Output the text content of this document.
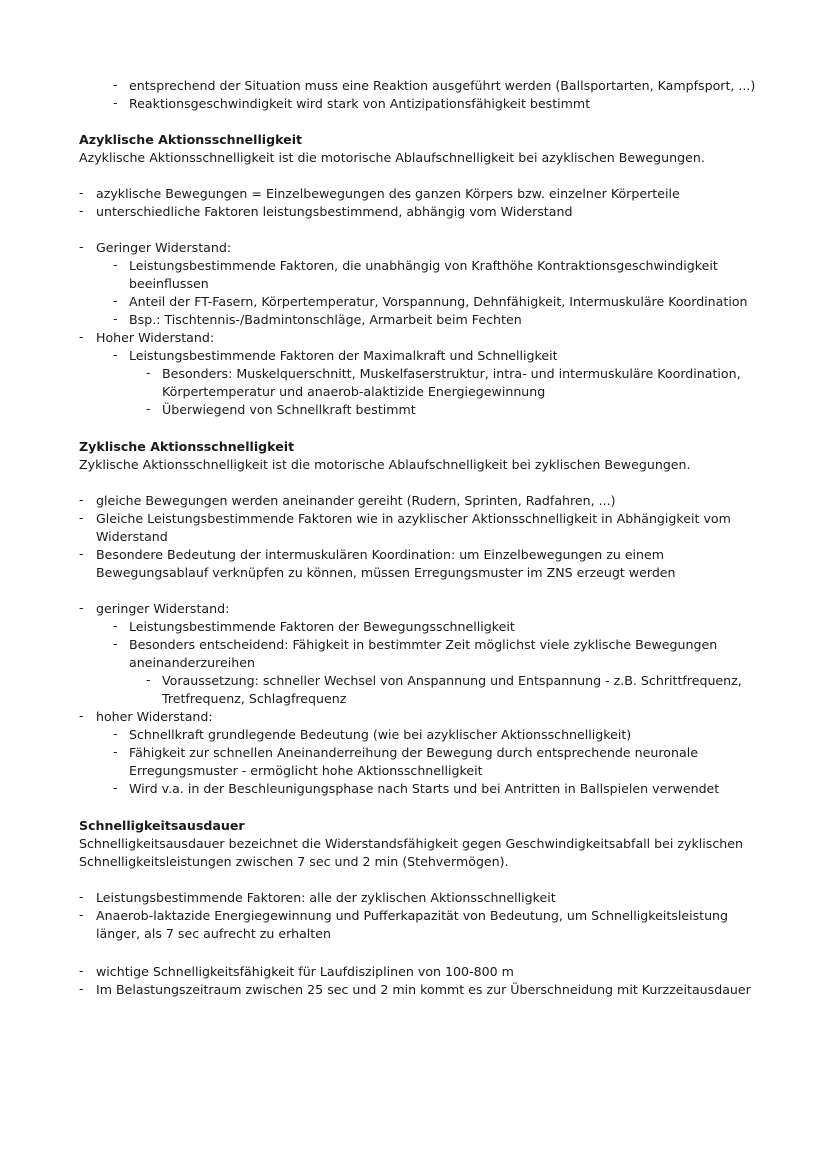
- entsprechend der Situation muss eine Reaktion ausgeführt werden (Ballsportarten, Kampfsport, ...)
- Reaktionsgeschwindigkeit wird stark von Antizipationsfähigkeit bestimmt
Azyklische Aktionsschnelligkeit
Azyklische Aktionsschnelligkeit ist die motorische Ablaufschnelligkeit bei azyklischen Bewegungen.
- azyklische Bewegungen = Einzelbewegungen des ganzen Körpers bzw. einzelner Körperteile
- unterschiedliche Faktoren leistungsbestimmend, abhängig vom Widerstand
- Geringer Widerstand:
- Leistungsbestimmende Faktoren, die unabhängig von Krafthöhe Kontraktionsgeschwindigkeit
beeinflussen
- Anteil der FT-Fasern, Körpertemperatur, Vorspannung, Dehnfähigkeit, Intermuskuläre Koordination
- Bsp.: Tischtennis-/Badmintonschläge, Armarbeit beim Fechten
- Hoher Widerstand:
- Leistungsbestimmende Faktoren der Maximalkraft und Schnelligkeit
- Besonders: Muskelquerschnitt, Muskelfaserstruktur, intra- und intermuskuläre Koordination,
Körpertemperatur und anaerob-alaktizide Energiegewinnung
- Überwiegend von Schnellkraft bestimmt
Zyklische Aktionsschnelligkeit
Zyklische Aktionsschnelligkeit ist die motorische Ablaufschnelligkeit bei zyklischen Bewegungen.
- gleiche Bewegungen werden aneinander gereiht (Rudern, Sprinten, Radfahren, ...)
- Gleiche Leistungsbestimmende Faktoren wie in azyklischer Aktionsschnelligkeit in Abhängigkeit vom
Widerstand
- Besondere Bedeutung der intermuskulären Koordination: um Einzelbewegungen zu einem
Bewegungsablauf verknüpfen zu können, müssen Erregungsmuster im ZNS erzeugt werden
- geringer Widerstand:
- Leistungsbestimmende Faktoren der Bewegungsschnelligkeit
- Besonders entscheidend: Fähigkeit in bestimmter Zeit möglichst viele zyklische Bewegungen
aneinanderzureihen
- Voraussetzung: schneller Wechsel von Anspannung und Entspannung - z.B. Schrittfrequenz,
Tretfrequenz, Schlagfrequenz
- hoher Widerstand:
- Schnellkraft grundlegende Bedeutung (wie bei azyklischer Aktionsschnelligkeit)
- Fähigkeit zur schnellen Aneinanderreihung der Bewegung durch entsprechende neuronale
Erregungsmuster - ermöglicht hohe Aktionsschnelligkeit
- Wird v.a. in der Beschleunigungsphase nach Starts und bei Antritten in Ballspielen verwendet
Schnelligkeitsausdauer
Schnelligkeitsausdauer bezeichnet die Widerstandsfähigkeit gegen Geschwindigkeitsabfall bei zyklischen
Schnelligkeitsleistungen zwischen 7 sec und 2 min (Stehvermögen).
- Leistungsbestimmende Faktoren: alle der zyklischen Aktionsschnelligkeit
- Anaerob-laktazide Energiegewinnung und Pufferkapazität von Bedeutung, um Schnelligkeitsleistung
länger, als 7 sec aufrecht zu erhalten
- wichtige Schnelligkeitsfähigkeit für Laufdisziplinen von 100-800 m
- Im Belastungszeitraum zwischen 25 sec und 2 min kommt es zur Überschneidung mit Kurzzeitausdauer
